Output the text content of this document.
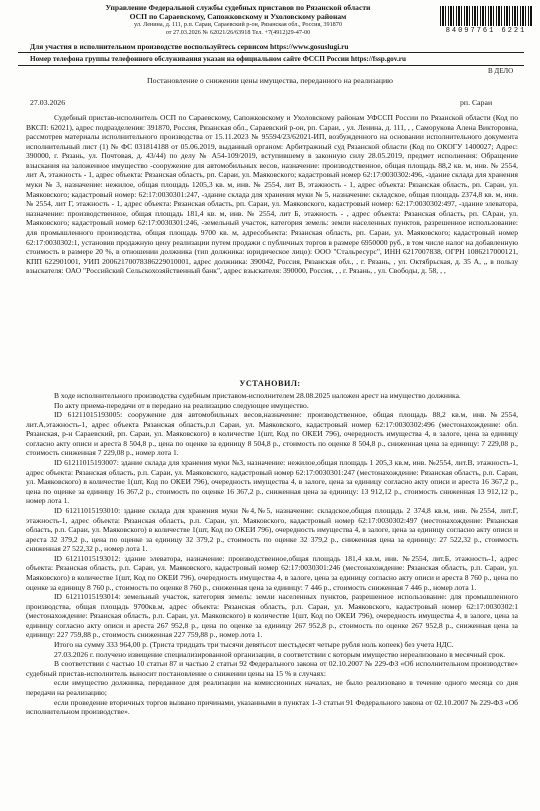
Управление Федеральной службы судебных приставов по Рязанской области
ОСП по Сараевскому, Сапожковскому и Ухоловскому районам
ул. Ленина, д. 111, р.п. Сараи, Сараевский р-он, Рязанская обл., Россия, 391870
от 27.03.2026 № 62021/26/63918 Тел. +7(4912)29-47-00	84097761 6221
Для участия в исполнительном производстве воспользуйтесь сервисом https://www.gosuslugi.ru
Номер телефона группы телефонного обслуживания указан на официальном сайте ФССП России https://fssp.gov.ru
В ДЕЛО
Постановление о снижении цены имущества, переданного на реализацию
27.03.2026	рп. Сараи

Судебный пристав-исполнитель ОСП по Сараевскому, Сапожковскому и Ухоловскому районам УФССП России по Рязанской области (Код по ВКСП: 62021), адрес подразделения: 391870, Россия, Рязанская обл., Сараевский р-он, рп. Сараи, , ул. Ленина, д. 111, , , Самоpукова Алена Викторовна, рассмотрев материалы исполнительного производства от 15.11.2023 № 95594/23/62021-ИП, возбужденного на основании исполнительного документа исполнительный лист (1) № ФС 031814188 от 05.06.2019, выданный органом: Арбитражный суд Рязанской области (Код по ОКОГУ 1400027; Адрес: 390000, г. Рязань, ул. Почтовая, д. 43/44) по делу № А54-109/2019, вступившему в законную силу 28.05.2019, предмет исполнения: Обращение взыскания на заложенное имущество -сооружение для автомобильных весов, назначение: производственное, общая площадь 88,2 кв. м, инв. № 2554, лит А, этажность - 1, адрес объекта: Рязанская область, рп. Сараи, ул. Маяковского; кадастровый номер 62:17:0030302:496, -здание склада для хранения муки № 3, назначение: нежилое, общая площадь 1205,3 кв. м, инв. № 2554, лит В, этажность - 1, адрес объекта: Рязанская область, рп. Сараи, ул. Маяковского; кадастровый номер: 62:17:0030301:247, -здание склада для хранения муки № 5, назначение: складское, общая площадь 2374,8 кв. м, инв. № 2554, лит Г, этажность - 1, адрес объекта: Рязанская область, рп. Сараи, ул. Маяковского, кадастровый номер: 62:17:0030302:497, -здание элеватора, назначение: производственное, общая площадь 181,4 кв. м, инв. № 2554, лит Б, этажность - , адрес объекта: Рязанская область, рп. САраи, ул. Маяковского; кадастровый номер 62:17:0030301:246, -земельный участок, категория земель: земли населенных пунктов, разрешенное использование: для промышленного производства, общая площадь 9700 кв. м, адресобъекта: Рязанская область, рп. Сараи, ул. Маяковского; кадастровый номер 62:17:0030302:1, установив продажную цену реализации путем продажи с публичных торгов в размере 6950000 руб., в том числе налог на добавленную стоимость в размере 20 %, в отношении должника (тип должника: юридическое лицо): ООО "Стальресурс", ИНН 6217007838, ОГРН 1086217000121, КПП 622901001, УИП 20062170078386229010001, адрес должника: 390042, Россия, Рязанская обл., , г. Рязань, , ул. Октябрьская, д. 35 А, ,, в пользу взыскателя: ОАО "Российский Сельскохозяйственный банк", адрес взыскателя: 390000, Россия, , , г. Рязань, , ул. Свободы, д. 58, , ,

УСТАНОВИЛ:

В ходе исполнительного производства судебным приставом-исполнителем 28.08.2025 наложен арест на имущество должника.

По акту приема-передачи от в передано на реализацию следующее имущество.

ID 61211015193005: сооружение для автомобильных весов,назначение: производственное, общая площадь 88,2 кв.м, инв.№2554, лит.А,этажность-1, адрес объекта Рязанская область,р.п Сараи, ул. Маяковского, кадастровый номер 62:17:0030302:496 (местонахождение: обл. Рязанская, р-н Сараевский, рп. Сараи, ул. Маяковского) в количестве 1(шт, Код по ОКЕИ 796), очередность имущества 4, в залоге, цена за единицу согласно акту описи и ареста 8 504,8 р., цена по оценке за единицу 8 504,8 р., стоимость по оценке 8 504,8 р., сниженная цена за единицу: 7 229,08 р., стоимость сниженная 7 229,08 р., номер лота 1.

ID 61211015193007: здание склада для хранения муки №3, назначение: нежилое,общая площадь 1 205,3 кв.м, инв. №2554, лит.В, этажность-1, адрес объекта: Рязанская область, р.п. Сараи, ул. Маяковского, кадастровый номер 62:17:0030301:247 (местонахождение: Рязанская область, р.п. Сараи, ул. Маяковского) в количестве 1(шт, Код по ОКЕИ 796), очередность имущества 4, в залоге, цена за единицу согласно акту описи и ареста 16 367,2 р., цена по оценке за единицу 16 367,2 р., стоимость по оценке 16 367,2 р., сниженная цена за единицу: 13 912,12 р., стоимость сниженная 13 912,12 р., номер лота 1.

ID 61211015193010: здание склада для хранения муки №4,№5, назначение: складское,общая площадь 2 374,8 кв.м, инв. №2554, лит.Г, этажность-1, адрес объекта: Рязанская область, р.п. Сараи, ул. Маяковского, кадастровый номер 62:17:0030302:497 (местонахождение: Рязанская область, р.п. Сараи, ул. Маяковского) в количестве 1(шт, Код по ОКЕИ 796), очередность имущества 4, в залоге, цена за единицу согласно акту описи и ареста 32 379,2 р., цена по оценке за единицу 32 379,2 р., стоимость по оценке 32 379,2 р., сниженная цена за единицу: 27 522,32 р., стоимость сниженная 27 522,32 р., номер лота 1.

ID 61211015193012: здание элеватора, назначение: производственное,общая площадь 181,4 кв.м, инв. №2554, лит.Б, этажность-1, адрес объекта: Рязанская область, р.п. Сараи, ул. Маяковского, кадастровый номер 62:17:0030301:246 (местонахождение: Рязанская область, р.п. Сараи, ул. Маяковского) в количестве 1(шт, Код по ОКЕИ 796), очередность имущества 4, в залоге, цена за единицу согласно акту описи и ареста 8 760 р., цена по оценке за единицу 8 760 р., стоимость по оценке 8 760 р., сниженная цена за единицу: 7 446 р., стоимость сниженная 7 446 р., номер лота 1.

ID 61211015193014: земельный участок, категория земель: земли населенных пунктов, разрешенное использование: для промышленного производства, общая площадь 9700кв.м, адрес объекта: Рязанская область, р.п. Сараи, ул. Маяковского, кадастровый номер 62:17:0030302:1 (местонахождение: Рязанская область, р.п. Сараи, ул. Маяковского) в количестве 1(шт, Код по ОКЕИ 796), очередность имущества 4, в залоге, цена за единицу согласно акту описи и ареста 267 952,8 р., цена по оценке за единицу 267 952,8 р., стоимость по оценке 267 952,8 р., сниженная цена за единицу: 227 759,88 р., стоимость сниженная 227 759,88 р., номер лота 1.

Итого на сумму 333 964,00 р. (Триста тридцать три тысячи девятьсот шестьдесят четыре рубля ноль копеек) без учета НДС.

27.03.2026 г. получено извещение специализированной организации, в соответствии с которым имущество нереализовано в месячный срок.

В соответствии с частью 10 статьи 87 и частью 2 статьи 92 Федерального закона от 02.10.2007 № 229-ФЗ «Об исполнительном производстве» судебный пристав-исполнитель выносит постановление о снижении цены на 15 % в случаях:

если имущество должника, переданное для реализации на комиссионных началах, не было реализовано в течение одного месяца со дня передачи на реализацию;

если проведение вторичных торгов вызвано причинами, указанными в пунктах 1-3 статьи 91 Федерального закона от 02.10.2007 № 229-ФЗ «Об исполнительном производстве».
